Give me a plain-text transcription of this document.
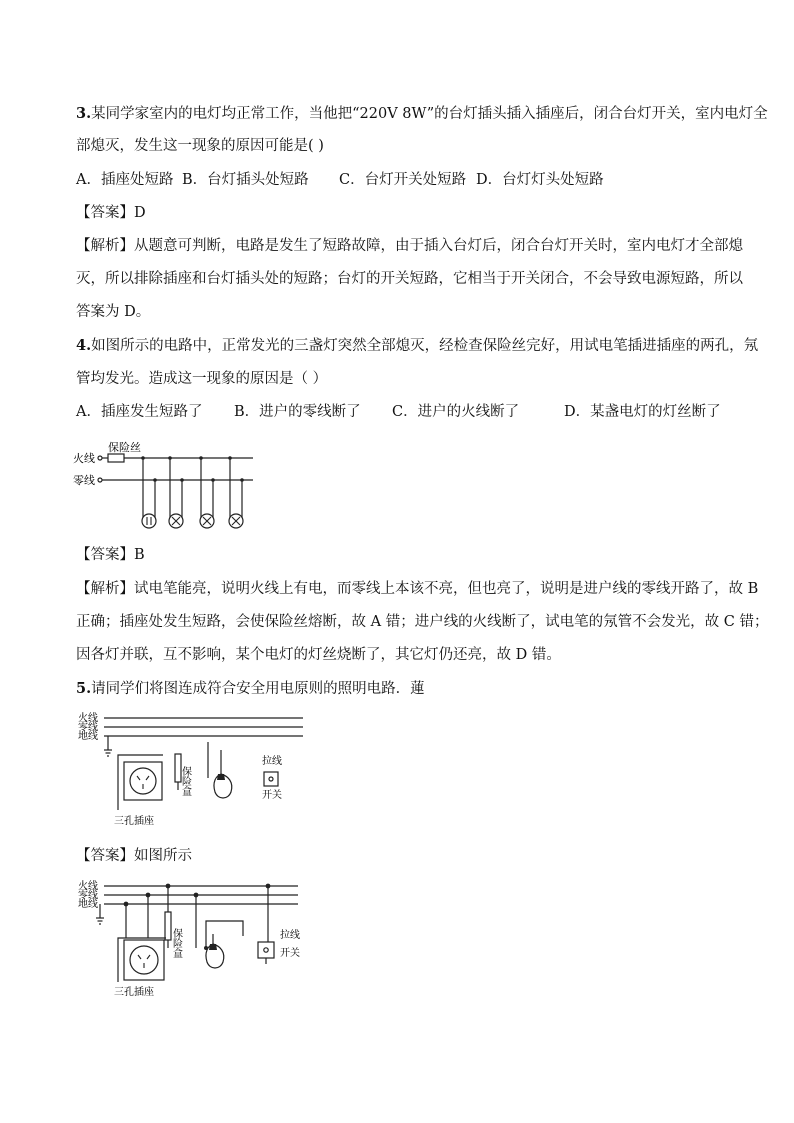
3.某同学家室内的电灯均正常工作，当他把“220V 8W”的台灯插头插入插座后，闭合台灯开关，室内电灯全
部熄灭，发生这一现象的原因可能是( )
A．插座处短路 B．台灯插头处短路 C．台灯开关处短路 D．台灯灯头处短路
【答案】D
【解析】从题意可判断，电路是发生了短路故障，由于插入台灯后，闭合台灯开关时，室内电灯才全部熄
灭，所以排除插座和台灯插头处的短路；台灯的开关短路，它相当于开关闭合，不会导致电源短路，所以
答案为 D。
4.如图所示的电路中，正常发光的三盏灯突然全部熄灭，经检查保险丝完好，用试电笔插进插座的两孔，氖
管均发光。造成这一现象的原因是（ ）
A．插座发生短路了 B．进户的零线断了 C．进户的火线断了	D．某盏电灯的灯丝断了
火线
零线
保险丝
【答案】B
【解析】试电笔能亮，说明火线上有电，而零线上本该不亮，但也亮了，说明是进户线的零线开路了，故 B
正确；插座处发生短路，会使保险丝熔断，故 A 错；进户线的火线断了，试电笔的氖管不会发光，故 C 错；
因各灯并联，互不影响，某个电灯的灯丝烧断了，其它灯仍还亮，故 D 错。
5.请同学们将图连成符合安全用电原则的照明电路．蓮
火线
零线
地线
三孔插座
保险盒
拉线
开关
【答案】如图所示
火线
零线
地线
三孔插座
保险盒	拉线
开关
